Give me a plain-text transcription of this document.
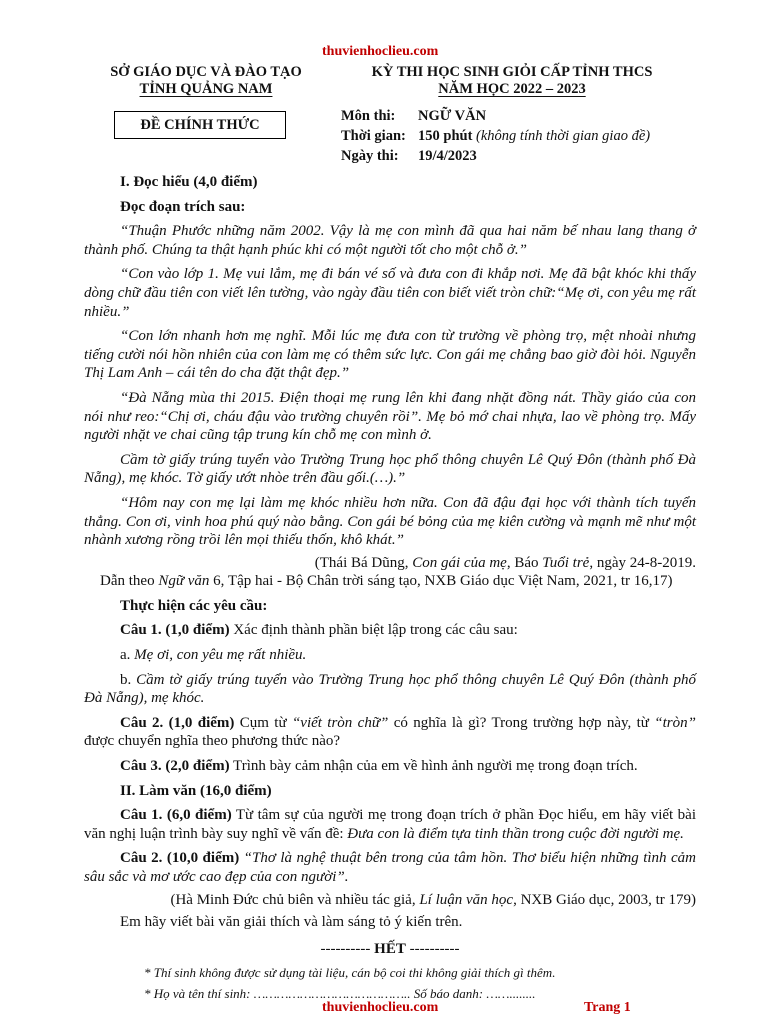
thuvienhoclieu.com
SỞ GIÁO DỤC VÀ ĐÀO TẠO
TỈNH QUẢNG NAM
KỲ THI HỌC SINH GIỎI CẤP TỈNH THCS
NĂM HỌC 2022 – 2023
ĐỀ CHÍNH THỨC
Môn thi: NGỮ VĂN
Thời gian: 150 phút (không tính thời gian giao đề)
Ngày thi: 19/4/2023
I. Đọc hiểu (4,0 điểm)
Đọc đoạn trích sau:

“Thuận Phước những năm 2002. Vậy là mẹ con mình đã qua hai năm bế nhau lang thang ở thành phố. Chúng ta thật hạnh phúc khi có một người tốt cho một chỗ ở.”

“Con vào lớp 1. Mẹ vui lắm, mẹ đi bán vé số và đưa con đi khắp nơi. Mẹ đã bật khóc khi thấy dòng chữ đầu tiên con viết lên tường, vào ngày đầu tiên con biết viết tròn chữ:“Mẹ ơi, con yêu mẹ rất nhiều.”

“Con lớn nhanh hơn mẹ nghĩ. Mỗi lúc mẹ đưa con từ trường về phòng trọ, mệt nhoài nhưng tiếng cười nói hồn nhiên của con làm mẹ có thêm sức lực. Con gái mẹ chẳng bao giờ đòi hỏi. Nguyễn Thị Lam Anh – cái tên do cha đặt thật đẹp.”

“Đà Nẵng mùa thi 2015. Điện thoại mẹ rung lên khi đang nhặt đồng nát. Thầy giáo của con nói như reo:“Chị ơi, cháu đậu vào trường chuyên rồi”. Mẹ bỏ mớ chai nhựa, lao về phòng trọ. Mấy người nhặt ve chai cũng tập trung kín chỗ mẹ con mình ở.

Cầm tờ giấy trúng tuyển vào Trường Trung học phổ thông chuyên Lê Quý Đôn (thành phố Đà Nẵng), mẹ khóc. Tờ giấy ướt nhòe trên đầu gối.(…).”

“Hôm nay con mẹ lại làm mẹ khóc nhiều hơn nữa. Con đã đậu đại học với thành tích tuyển thẳng. Con ơi, vinh hoa phú quý nào bằng. Con gái bé bỏng của mẹ kiên cường và mạnh mẽ như một nhành xương rồng trồi lên mọi thiếu thốn, khô khát.”

(Thái Bá Dũng, Con gái của mẹ, Báo Tuổi trẻ, ngày 24-8-2019.
Dẫn theo Ngữ văn 6, Tập hai - Bộ Chân trời sáng tạo, NXB Giáo dục Việt Nam, 2021, tr 16,17)
Thực hiện các yêu cầu:

Câu 1. (1,0 điểm) Xác định thành phần biệt lập trong các câu sau:

a. Mẹ ơi, con yêu mẹ rất nhiều.

b. Cầm tờ giấy trúng tuyển vào Trường Trung học phổ thông chuyên Lê Quý Đôn (thành phố Đà Nẵng), mẹ khóc.

Câu 2. (1,0 điểm) Cụm từ “viết tròn chữ” có nghĩa là gì? Trong trường hợp này, từ “tròn” được chuyển nghĩa theo phương thức nào?

Câu 3. (2,0 điểm) Trình bày cảm nhận của em về hình ảnh người mẹ trong đoạn trích.

II. Làm văn (16,0 điểm)

Câu 1. (6,0 điểm) Từ tâm sự của người mẹ trong đoạn trích ở phần Đọc hiểu, em hãy viết bài văn nghị luận trình bày suy nghĩ về vấn đề: Đưa con là điểm tựa tinh thần trong cuộc đời người mẹ.

Câu 2. (10,0 điểm) “Thơ là nghệ thuật bên trong của tâm hồn. Thơ biểu hiện những tình cảm sâu sắc và mơ ước cao đẹp của con người”.

(Hà Minh Đức chủ biên và nhiều tác giả, Lí luận văn học, NXB Giáo dục, 2003, tr 179)

Em hãy viết bài văn giải thích và làm sáng tỏ ý kiến trên.

---------- HẾT ----------
* Thí sinh không được sử dụng tài liệu, cán bộ coi thi không giải thích gì thêm.
* Họ và tên thí sinh: ………………………………….. Số báo danh: ……........
thuvienhoclieu.com	Trang 1
